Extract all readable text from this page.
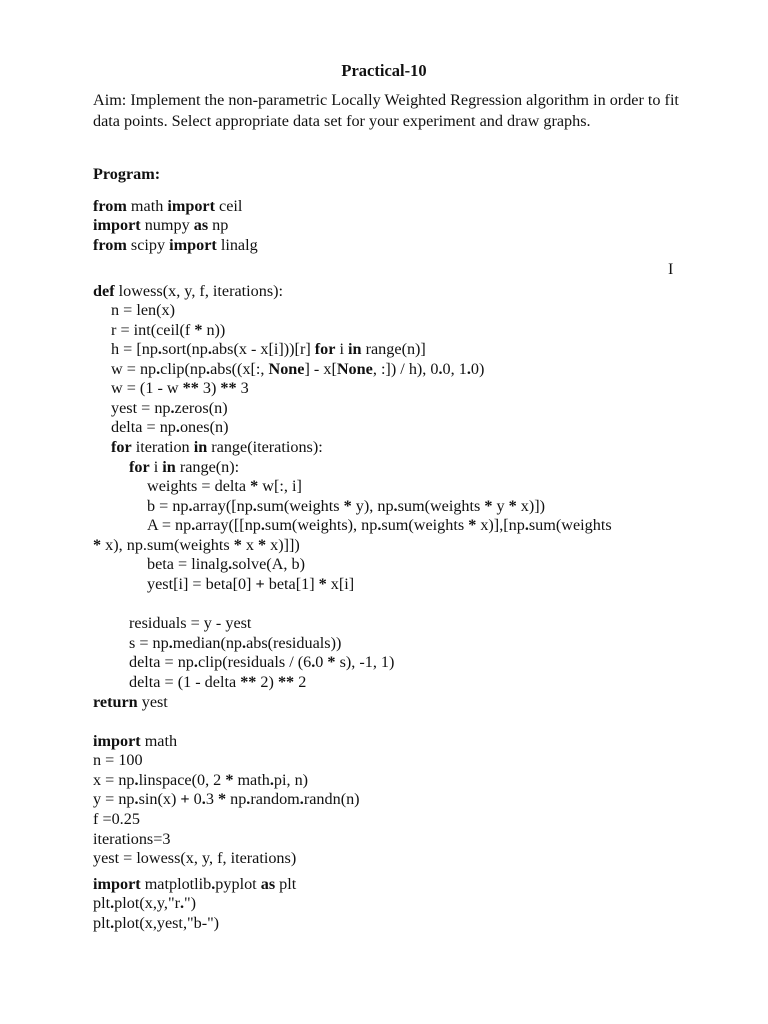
Practical-10

Aim: Implement the non-parametric Locally Weighted Regression algorithm in order to fit data points. Select appropriate data set for your experiment and draw graphs.

Program:
I
from math import ceil
import numpy as np
from scipy import linalg
def lowess(x, y, f, iterations):
n = len(x)
r = int(ceil(f * n))
h = [np.sort(np.abs(x - x[i]))[r] for i in range(n)]
w = np.clip(np.abs((x[:, None] - x[None, :]) / h), 0.0, 1.0)
w = (1 - w ** 3) ** 3
yest = np.zeros(n)
delta = np.ones(n)
for iteration in range(iterations):
for i in range(n):
weights = delta * w[:, i]
b = np.array([np.sum(weights * y), np.sum(weights * y * x)])
A = np.array([[np.sum(weights), np.sum(weights * x)],[np.sum(weights
* x), np.sum(weights * x * x)]])
beta = linalg.solve(A, b)
yest[i] = beta[0] + beta[1] * x[i]
residuals = y - yest
s = np.median(np.abs(residuals))
delta = np.clip(residuals / (6.0 * s), -1, 1)
delta = (1 - delta ** 2) ** 2
return yest
import math
n = 100
x = np.linspace(0, 2 * math.pi, n)
y = np.sin(x) + 0.3 * np.random.randn(n)
f =0.25
iterations=3
yest = lowess(x, y, f, iterations)
import matplotlib.pyplot as plt
plt.plot(x,y,"r.")
plt.plot(x,yest,"b-")
